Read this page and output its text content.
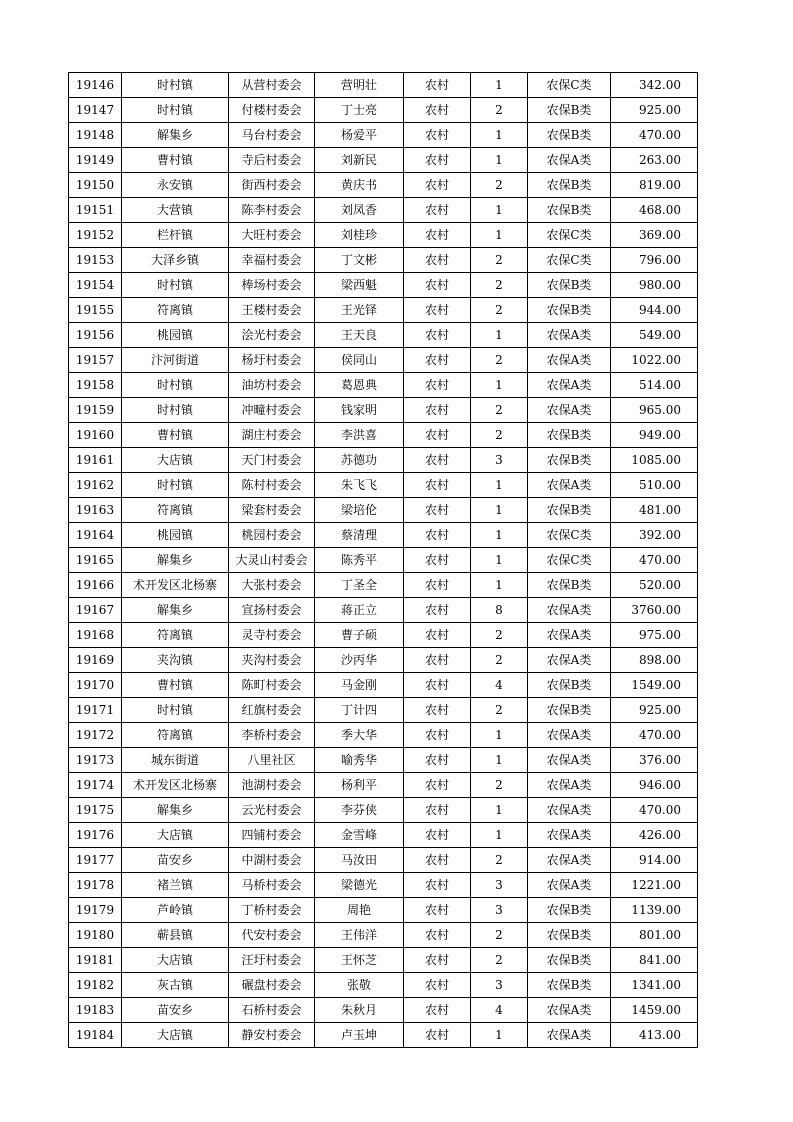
19146	时村镇	从营村委会	营明壮	农村	1	农保C类	342.00
19147	时村镇	付楼村委会	丁士亮	农村	2	农保B类	925.00
19148	解集乡	马台村委会	杨爱平	农村	1	农保B类	470.00
19149	曹村镇	寺后村委会	刘新民	农村	1	农保A类	263.00
19150	永安镇	街西村委会	黄庆书	农村	2	农保B类	819.00
19151	大营镇	陈李村委会	刘凤香	农村	1	农保B类	468.00
19152	栏杆镇	大旺村委会	刘桂珍	农村	1	农保C类	369.00
19153	大泽乡镇	幸福村委会	丁文彬	农村	2	农保C类	796.00
19154	时村镇	棒场村委会	梁西魁	农村	2	农保B类	980.00
19155	符离镇	王楼村委会	王光铎	农村	2	农保B类	944.00
19156	桃园镇	浍光村委会	王天良	农村	1	农保A类	549.00
19157	汴河街道	杨圩村委会	侯同山	农村	2	农保A类	1022.00
19158	时村镇	油坊村委会	葛恩典	农村	1	农保A类	514.00
19159	时村镇	冲疃村委会	钱家明	农村	2	农保A类	965.00
19160	曹村镇	湖庄村委会	李洪喜	农村	2	农保B类	949.00
19161	大店镇	天门村委会	苏德功	农村	3	农保B类	1085.00
19162	时村镇	陈村村委会	朱飞飞	农村	1	农保A类	510.00
19163	符离镇	梁套村委会	梁培伦	农村	1	农保B类	481.00
19164	桃园镇	桃园村委会	蔡清理	农村	1	农保C类	392.00
19165	解集乡	大灵山村委会	陈秀平	农村	1	农保C类	470.00
19166	术开发区北杨寨	大张村委会	丁圣全	农村	1	农保B类	520.00
19167	解集乡	宣扬村委会	蒋正立	农村	8	农保A类	3760.00
19168	符离镇	灵寺村委会	曹子硕	农村	2	农保A类	975.00
19169	夹沟镇	夹沟村委会	沙丙华	农村	2	农保A类	898.00
19170	曹村镇	陈町村委会	马金刚	农村	4	农保B类	1549.00
19171	时村镇	红旗村委会	丁计四	农村	2	农保B类	925.00
19172	符离镇	李桥村委会	季大华	农村	1	农保A类	470.00
19173	城东街道	八里社区	喻秀华	农村	1	农保A类	376.00
19174	术开发区北杨寨	池湖村委会	杨利平	农村	2	农保A类	946.00
19175	解集乡	云光村委会	李芬侠	农村	1	农保A类	470.00
19176	大店镇	四铺村委会	金雪峰	农村	1	农保A类	426.00
19177	苗安乡	中湖村委会	马汝田	农村	2	农保A类	914.00
19178	褚兰镇	马桥村委会	梁德光	农村	3	农保A类	1221.00
19179	芦岭镇	丁桥村委会	周艳	农村	3	农保B类	1139.00
19180	蕲县镇	代安村委会	王伟洋	农村	2	农保B类	801.00
19181	大店镇	汪圩村委会	王怀芝	农村	2	农保B类	841.00
19182	灰古镇	碾盘村委会	张敬	农村	3	农保B类	1341.00
19183	苗安乡	石桥村委会	朱秋月	农村	4	农保A类	1459.00
19184	大店镇	静安村委会	卢玉坤	农村	1	农保A类	413.00
